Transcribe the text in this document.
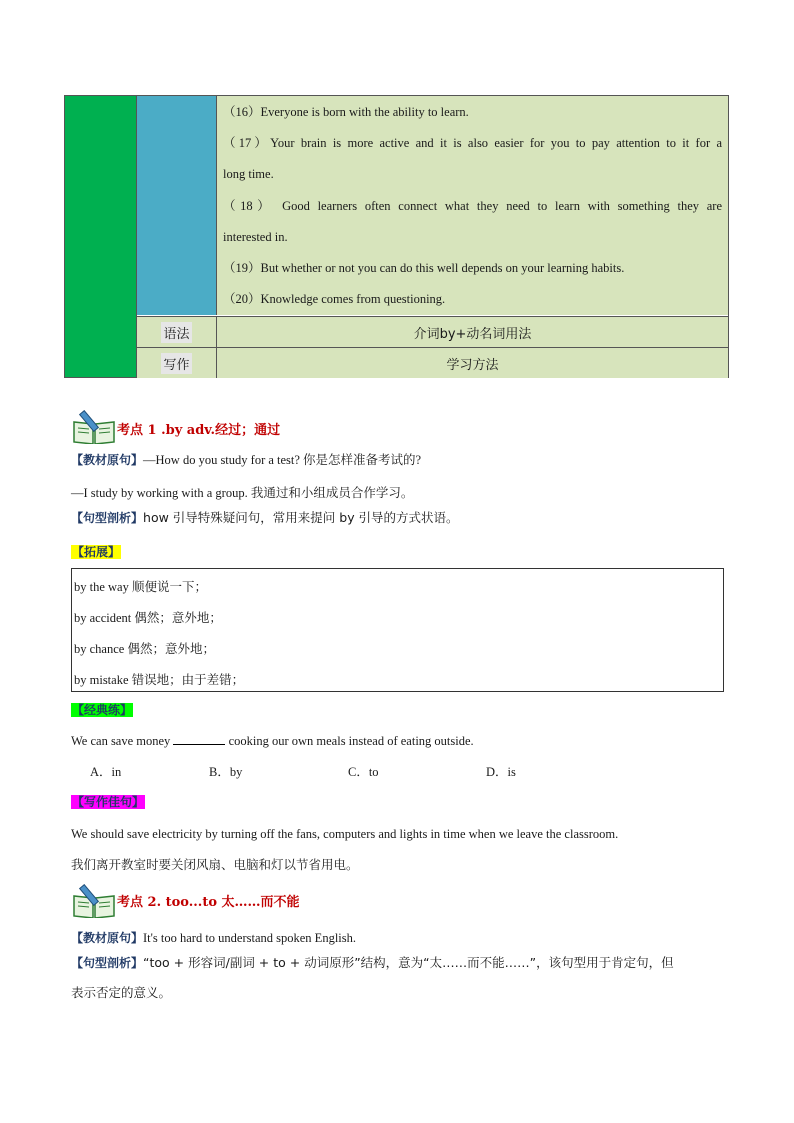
（16）Everyone is born with the ability to learn.
（17）Your brain is more active and it is also easier for you to pay attention to it for a
long time.
（18） Good learners often connect what they need to learn with something they are
interested in.
（19）But whether or not you can do this well depends on your learning habits.
（20）Knowledge comes from questioning.
语法	介词by+动名词用法
写作	学习方法
考点 1 .by adv.经过；通过
【教材原句】—How do you study for a test? 你是怎样准备考试的?
—I study by working with a group. 我通过和小组成员合作学习。
【句型剖析】how 引导特殊疑问句，常用来提问 by 引导的方式状语。
【拓展】
by the way 顺便说一下；
by accident 偶然；意外地；
by chance 偶然；意外地；
by mistake 错误地；由于差错；
【经典练】
We can save money	cooking our own meals instead of eating outside.
A．in	B．by	C．to	D．is
【写作佳句】
We should save electricity by turning off the fans, computers and lights in time when we leave the classroom.
我们离开教室时要关闭风扇、电脑和灯以节省用电。
考点 2. too...to 太……而不能
【教材原句】It's too hard to understand spoken English.
【句型剖析】“too + 形容词/副词 + to + 动词原形”结构，意为“太……而不能……”，该句型用于肯定句，但
表示否定的意义。
